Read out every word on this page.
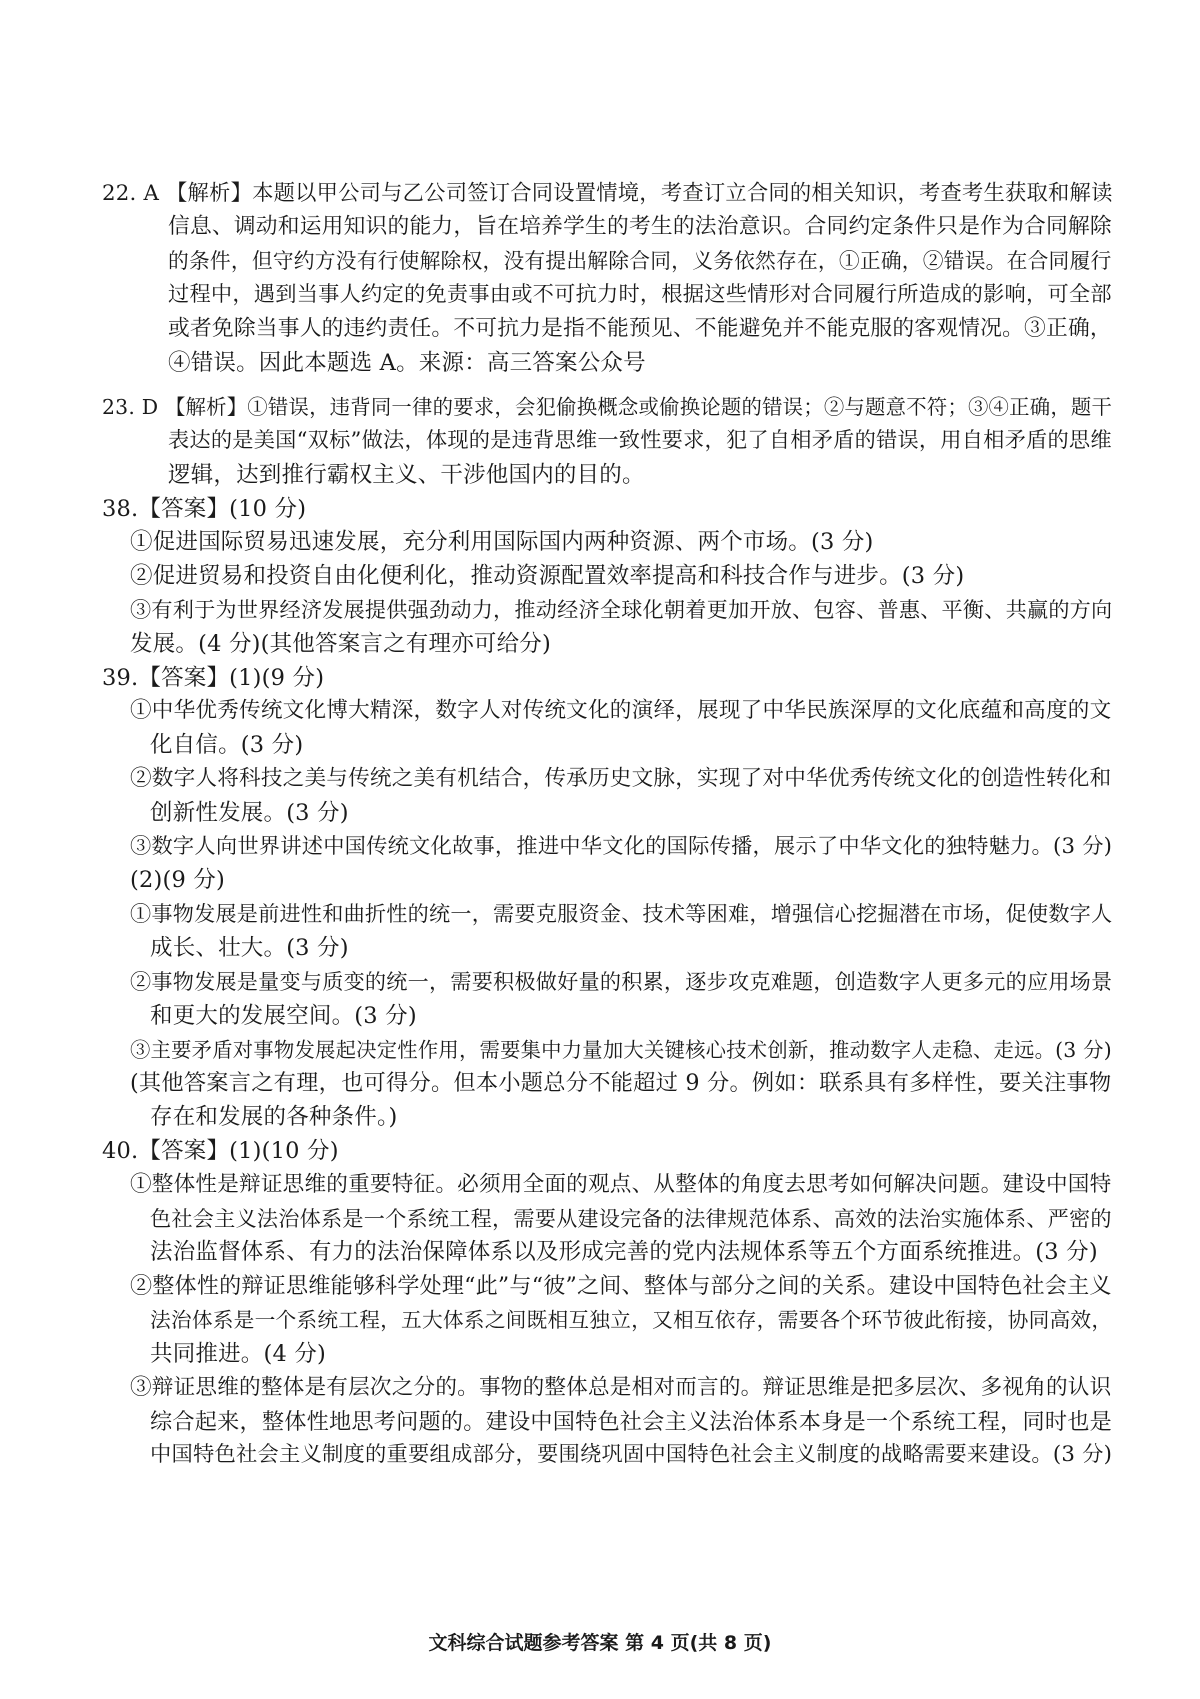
22. A 【解析】本题以甲公司与乙公司签订合同设置情境，考查订立合同的相关知识，考查考生获取和解读
信息、调动和运用知识的能力，旨在培养学生的考生的法治意识。合同约定条件只是作为合同解除
的条件，但守约方没有行使解除权，没有提出解除合同，义务依然存在，①正确，②错误。在合同履行
过程中，遇到当事人约定的免责事由或不可抗力时，根据这些情形对合同履行所造成的影响，可全部
或者免除当事人的违约责任。不可抗力是指不能预见、不能避免并不能克服的客观情况。③正确，
④错误。因此本题选 A。来源：高三答案公众号
23. D 【解析】①错误，违背同一律的要求，会犯偷换概念或偷换论题的错误；②与题意不符；③④正确，题干
表达的是美国“双标”做法，体现的是违背思维一致性要求，犯了自相矛盾的错误，用自相矛盾的思维
逻辑，达到推行霸权主义、干涉他国内的目的。
38.【答案】(10 分)
①促进国际贸易迅速发展，充分利用国际国内两种资源、两个市场。(3 分)
②促进贸易和投资自由化便利化，推动资源配置效率提高和科技合作与进步。(3 分)
③有利于为世界经济发展提供强劲动力，推动经济全球化朝着更加开放、包容、普惠、平衡、共赢的方向
发展。(4 分)(其他答案言之有理亦可给分)
39.【答案】(1)(9 分)
①中华优秀传统文化博大精深，数字人对传统文化的演绎，展现了中华民族深厚的文化底蕴和高度的文
化自信。(3 分)
②数字人将科技之美与传统之美有机结合，传承历史文脉，实现了对中华优秀传统文化的创造性转化和
创新性发展。(3 分)
③数字人向世界讲述中国传统文化故事，推进中华文化的国际传播，展示了中华文化的独特魅力。(3 分)
(2)(9 分)
①事物发展是前进性和曲折性的统一，需要克服资金、技术等困难，增强信心挖掘潜在市场，促使数字人
成长、壮大。(3 分)
②事物发展是量变与质变的统一，需要积极做好量的积累，逐步攻克难题，创造数字人更多元的应用场景
和更大的发展空间。(3 分)
③主要矛盾对事物发展起决定性作用，需要集中力量加大关键核心技术创新，推动数字人走稳、走远。(3 分)
(其他答案言之有理，也可得分。但本小题总分不能超过 9 分。例如：联系具有多样性，要关注事物
存在和发展的各种条件。)
40.【答案】(1)(10 分)
①整体性是辩证思维的重要特征。必须用全面的观点、从整体的角度去思考如何解决问题。建设中国特
色社会主义法治体系是一个系统工程，需要从建设完备的法律规范体系、高效的法治实施体系、严密的
法治监督体系、有力的法治保障体系以及形成完善的党内法规体系等五个方面系统推进。(3 分)
②整体性的辩证思维能够科学处理“此”与“彼”之间、整体与部分之间的关系。建设中国特色社会主义
法治体系是一个系统工程，五大体系之间既相互独立，又相互依存，需要各个环节彼此衔接，协同高效，
共同推进。(4 分)
③辩证思维的整体是有层次之分的。事物的整体总是相对而言的。辩证思维是把多层次、多视角的认识
综合起来，整体性地思考问题的。建设中国特色社会主义法治体系本身是一个系统工程，同时也是
中国特色社会主义制度的重要组成部分，要围绕巩固中国特色社会主义制度的战略需要来建设。(3 分)
文科综合试题参考答案 第 4 页(共 8 页)
